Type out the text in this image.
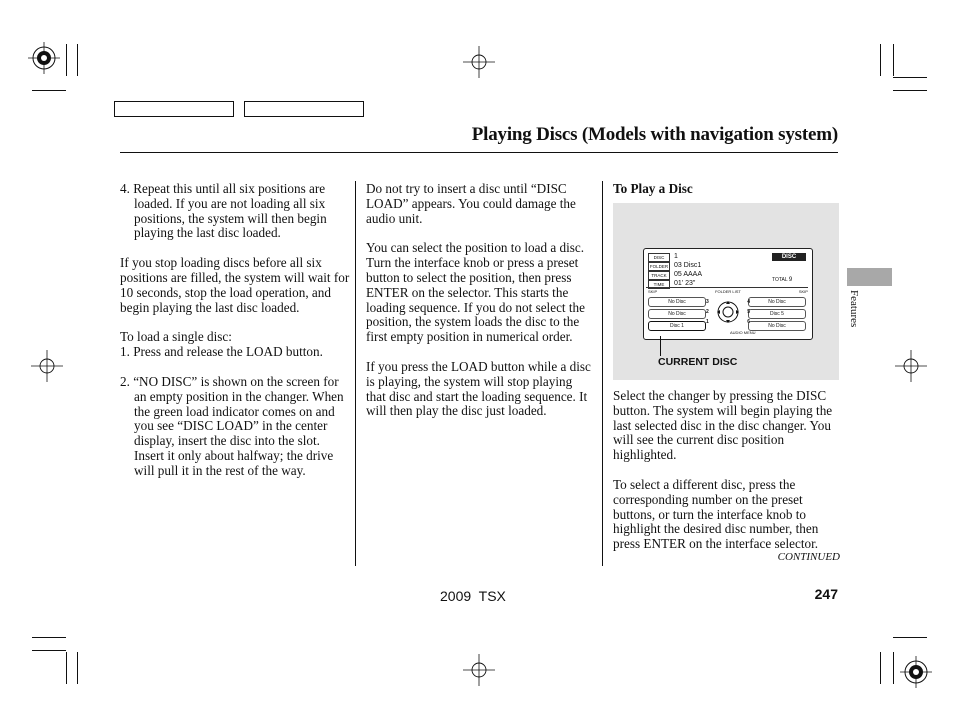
Playing Discs (Models with navigation system)
Features

4. Repeat this until all six positions are loaded. If you are not loading all six positions, the system will then begin playing the last disc loaded.

If you stop loading discs before all six positions are filled, the system will wait for 10 seconds, stop the load operation, and begin playing the last disc loaded.

To load a single disc:

1. Press and release the LOAD button.

2. “NO DISC” is shown on the screen for an empty position in the changer. When the green load indicator comes on and you see “DISC LOAD” in the center display, insert the disc into the slot. Insert it only about halfway; the drive will pull it in the rest of the way.

Do not try to insert a disc until “DISC LOAD” appears. You could damage the audio unit.

You can select the position to load a disc. Turn the interface knob or press a preset button to select the position, then press ENTER on the selector. This starts the loading sequence. If you do not select the position, the system loads the disc to the first empty position in numerical order.

If you press the LOAD button while a disc is playing, the system will stop playing that disc and start the loading sequence. It will then play the disc just loaded.

To Play a Disc

DISC	1
FOLDER 03 Disc1
TRACK	05 AAAA
TIME	01' 23"
DISC
TOTAL 9
SKIP	FOLDER LIST	SKIP
No Disc
No Disc
Disc 1
No Disc
Disc 5
No Disc
3	4
2	5
1	6
AUDIO MENU
CURRENT DISC

Select the changer by pressing the DISC button. The system will begin playing the last selected disc in the disc changer. You will see the current disc position highlighted.

To select a different disc, press the corresponding number on the preset buttons, or turn the interface knob to highlight the desired disc number, then press ENTER on the interface selector.

CONTINUED
2009  TSX	247
